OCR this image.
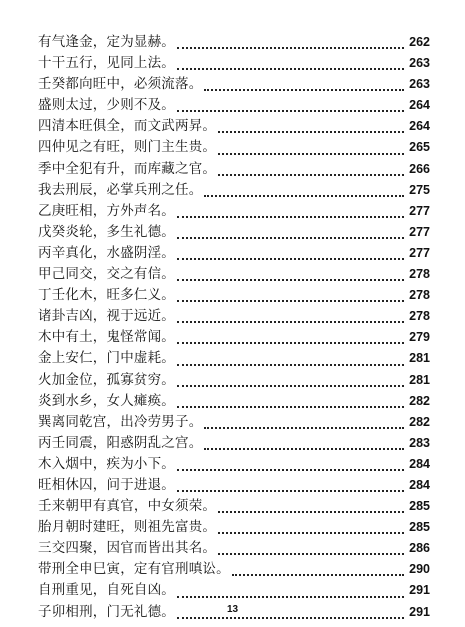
有气逢金，定为显赫。	262
十干五行，见同上法。	263
壬癸都向旺中，必须流落。	263
盛则太过，少则不及。	264
四清本旺俱全，而文武两昇。	264
四仲见之有旺，则门主生贵。	265
季中全犯有升，而库藏之官。	266
我去刑辰，必掌兵刑之任。	275
乙庚旺相，方外声名。	277
戊癸炎轮，多生礼德。	277
丙辛真化，水盛阴淫。	277
甲己同交，交之有信。	278
丁壬化木，旺多仁义。	278
诸卦吉凶，视于远近。	278
木中有土，鬼怪常闻。	279
金上安仁，门中虚耗。	281
火加金位，孤寡贫穷。	281
炎到水乡，女人瘫痪。	282
巽离同乾宫，出冷劳男子。	282
丙壬同震，阳惑阴乱之宫。	283
木入烟中，疾为小下。	284
旺相休囚，问于进退。	284
壬来朝甲有真官，中女须荣。	285
胎月朝时建旺，则祖先富贵。	285
三交四聚，因官而皆出其名。	286
带刑全申巳寅，定有官刑嗔讼。	290
自刑重见，自死自凶。	291
子卯相刑，门无礼德。	291
13
